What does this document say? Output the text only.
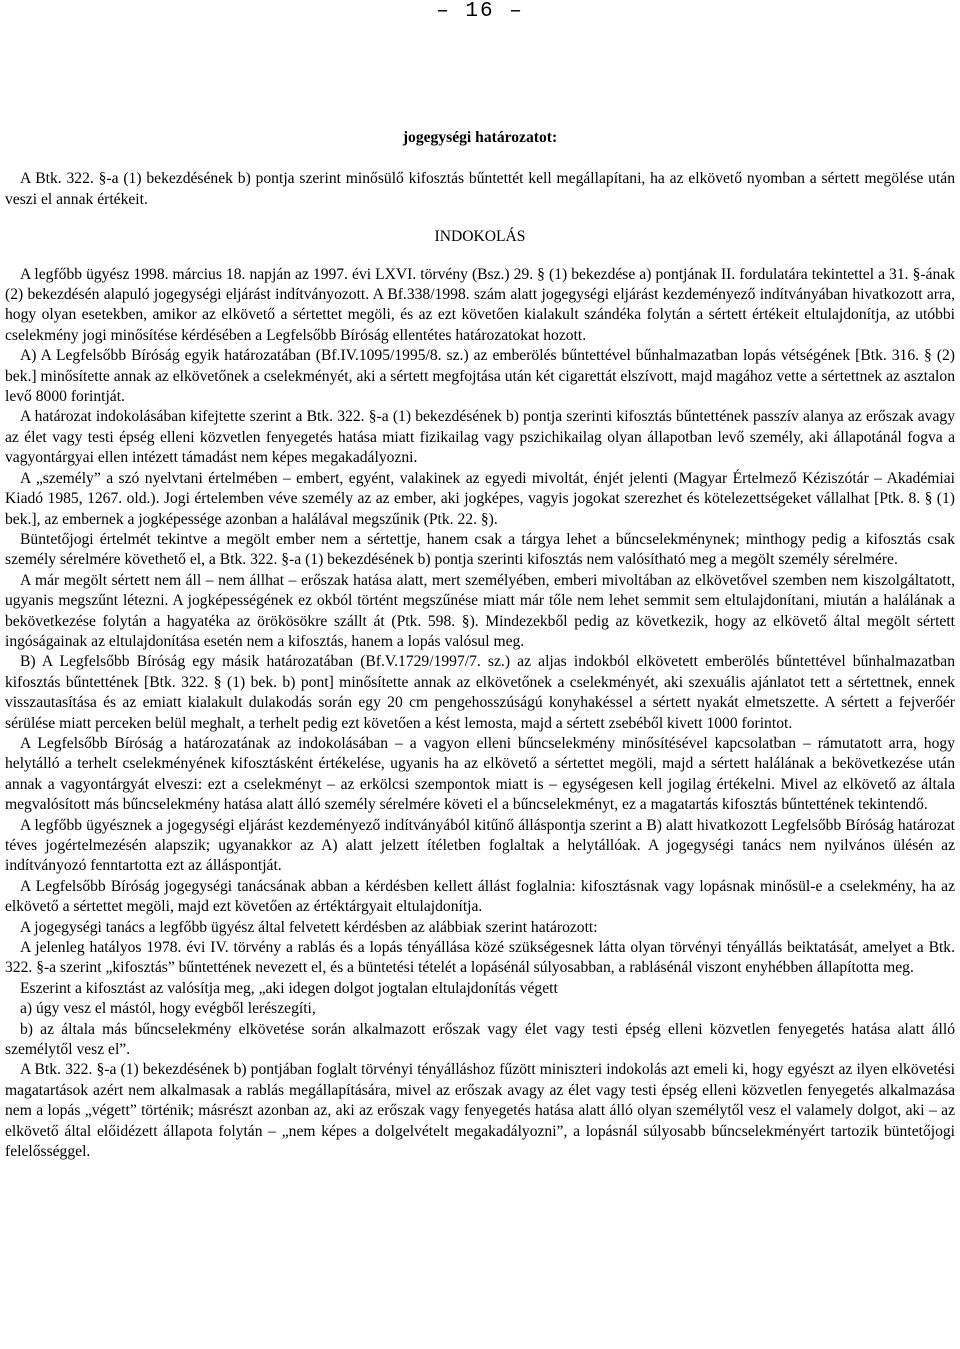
– 16 –
jogegységi határozatot:

A Btk. 322. §-a (1) bekezdésének b) pontja szerint minősülő kifosztás bűntettét kell megállapítani, ha az elkövető nyomban a sértett megölése után veszi el annak értékeit.

INDOKOLÁS

A legfőbb ügyész 1998. március 18. napján az 1997. évi LXVI. törvény (Bsz.) 29. § (1) bekezdése a) pontjának II. fordulatára tekintettel a 31. §-ának (2) bekezdésén alapuló jogegységi eljárást indítványozott. A Bf.338/1998. szám alatt jogegységi eljárást kezdeményező indítványában hivatkozott arra, hogy olyan esetekben, amikor az elkövető a sértettet megöli, és az ezt követően kialakult szándéka folytán a sértett értékeit eltulajdonítja, az utóbbi cselekmény jogi minősítése kérdésében a Legfelsőbb Bíróság ellentétes határozatokat hozott.

A) A Legfelsőbb Bíróság egyik határozatában (Bf.IV.1095/1995/8. sz.) az emberölés bűntettével bűnhalmazatban lopás vétségének [Btk. 316. § (2) bek.] minősítette annak az elkövetőnek a cselekményét, aki a sértett megfojtása után két cigarettát elszívott, majd magához vette a sértettnek az asztalon levő 8000 forintját.

A határozat indokolásában kifejtette szerint a Btk. 322. §-a (1) bekezdésének b) pontja szerinti kifosztás bűntettének passzív alanya az erőszak avagy az élet vagy testi épség elleni közvetlen fenyegetés hatása miatt fizikailag vagy pszichikailag olyan állapotban levő személy, aki állapotánál fogva a vagyontárgyai ellen intézett támadást nem képes megakadályozni.

A „személy” a szó nyelvtani értelmében – embert, egyént, valakinek az egyedi mivoltát, énjét jelenti (Magyar Értelmező Kéziszótár – Akadémiai Kiadó 1985, 1267. old.). Jogi értelemben véve személy az az ember, aki jogképes, vagyis jogokat szerezhet és kötelezettségeket vállalhat [Ptk. 8. § (1) bek.], az embernek a jogképessége azonban a halálával megszűnik (Ptk. 22. §).

Büntetőjogi értelmét tekintve a megölt ember nem a sértettje, hanem csak a tárgya lehet a bűncselekménynek; minthogy pedig a kifosztás csak személy sérelmére követhető el, a Btk. 322. §-a (1) bekezdésének b) pontja szerinti kifosztás nem valósítható meg a megölt személy sérelmére.

A már megölt sértett nem áll – nem állhat – erőszak hatása alatt, mert személyében, emberi mivoltában az elkövetővel szemben nem kiszolgáltatott, ugyanis megszűnt létezni. A jogképességének ez okból történt megszűnése miatt már tőle nem lehet semmit sem eltulajdonítani, miután a halálának a bekövetkezése folytán a hagyatéka az örökösökre szállt át (Ptk. 598. §). Mindezekből pedig az következik, hogy az elkövető által megölt sértett ingóságainak az eltulajdonítása esetén nem a kifosztás, hanem a lopás valósul meg.

B) A Legfelsőbb Bíróság egy másik határozatában (Bf.V.1729/1997/7. sz.) az aljas indokból elkövetett emberölés bűntettével bűnhalmazatban kifosztás bűntettének [Btk. 322. § (1) bek. b) pont] minősítette annak az elkövetőnek a cselekményét, aki szexuális ajánlatot tett a sértettnek, ennek visszautasítása és az emiatt kialakult dulakodás során egy 20 cm pengehosszúságú konyhakéssel a sértett nyakát elmetszette. A sértett a fejverőér sérülése miatt perceken belül meghalt, a terhelt pedig ezt követően a kést lemosta, majd a sértett zsebéből kivett 1000 forintot.

A Legfelsőbb Bíróság a határozatának az indokolásában – a vagyon elleni bűncselekmény minősítésével kapcsolatban – rámutatott arra, hogy helytálló a terhelt cselekményének kifosztásként értékelése, ugyanis ha az elkövető a sértettet megöli, majd a sértett halálának a bekövetkezése után annak a vagyontárgyát elveszi: ezt a cselekményt – az erkölcsi szempontok miatt is – egységesen kell jogilag értékelni. Mivel az elkövető az általa megvalósított más bűncselekmény hatása alatt álló személy sérelmére követi el a bűncselekményt, ez a magatartás kifosztás bűntettének tekintendő.

A legfőbb ügyésznek a jogegységi eljárást kezdeményező indítványából kitűnő álláspontja szerint a B) alatt hivatkozott Legfelsőbb Bíróság határozat téves jogértelmezésén alapszik; ugyanakkor az A) alatt jelzett ítéletben foglaltak a helytállóak. A jogegységi tanács nem nyilvános ülésén az indítványozó fenntartotta ezt az álláspontját.

A Legfelsőbb Bíróság jogegységi tanácsának abban a kérdésben kellett állást foglalnia: kifosztásnak vagy lopásnak minősül-e a cselekmény, ha az elkövető a sértettet megöli, majd ezt követően az értéktárgyait eltulajdonítja.

A jogegységi tanács a legfőbb ügyész által felvetett kérdésben az alábbiak szerint határozott:

A jelenleg hatályos 1978. évi IV. törvény a rablás és a lopás tényállása közé szükségesnek látta olyan törvényi tényállás beiktatását, amelyet a Btk. 322. §-a szerint „kifosztás” bűntettének nevezett el, és a büntetési tételét a lopásénál súlyosabban, a rablásénál viszont enyhébben állapította meg.

Eszerint a kifosztást az valósítja meg, „aki idegen dolgot jogtalan eltulajdonítás végett

a) úgy vesz el mástól, hogy evégből lerészegíti,

b) az általa más bűncselekmény elkövetése során alkalmazott erőszak vagy élet vagy testi épség elleni közvetlen fenyegetés hatása alatt álló személytől vesz el”.

A Btk. 322. §-a (1) bekezdésének b) pontjában foglalt törvényi tényálláshoz fűzött miniszteri indokolás azt emeli ki, hogy egyészt az ilyen elkövetési magatartások azért nem alkalmasak a rablás megállapítására, mivel az erőszak avagy az élet vagy testi épség elleni közvetlen fenyegetés alkalmazása nem a lopás „végett” történik; másrészt azonban az, aki az erőszak vagy fenyegetés hatása alatt álló olyan személytől vesz el valamely dolgot, aki – az elkövető által előidézett állapota folytán – „nem képes a dolgelvételt megakadályozni”, a lopásnál súlyosabb bűncselekményért tartozik büntetőjogi felelősséggel.
